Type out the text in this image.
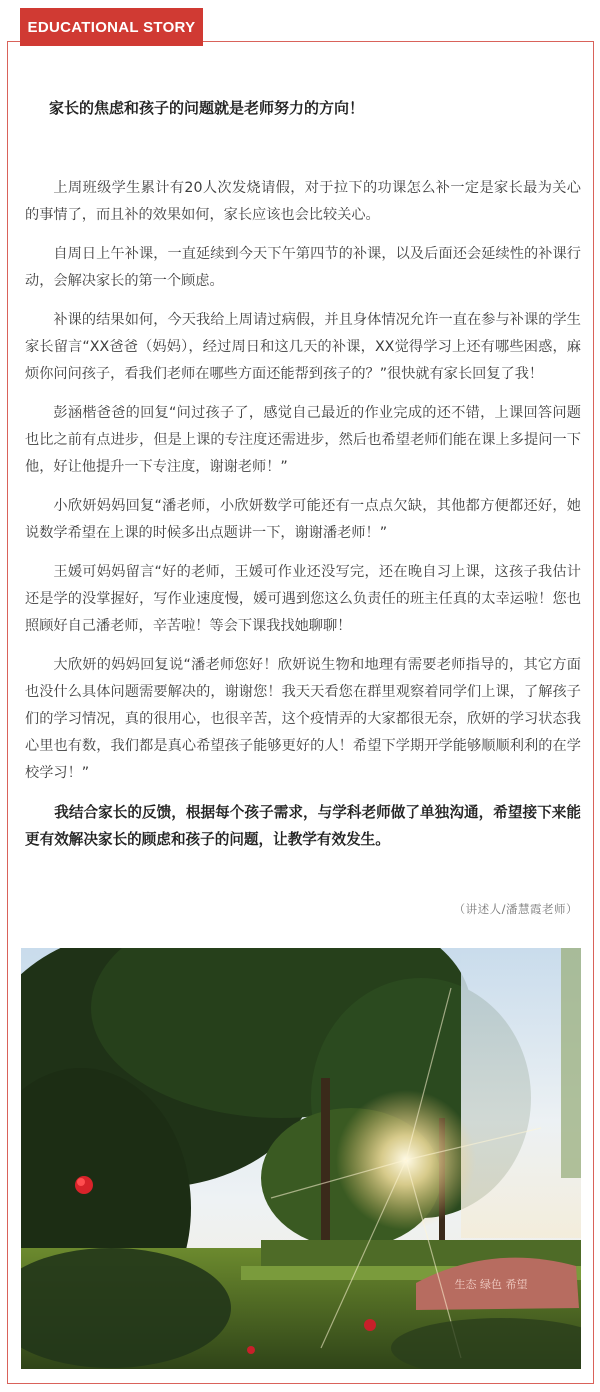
EDUCATIONAL STORY
家长的焦虑和孩子的问题就是老师努力的方向！

上周班级学生累计有20人次发烧请假，对于拉下的功课怎么补一定是家长最为关心的事情了，而且补的效果如何，家长应该也会比较关心。

自周日上午补课，一直延续到今天下午第四节的补课，以及后面还会延续性的补课行动，会解决家长的第一个顾虑。

补课的结果如何，今天我给上周请过病假，并且身体情况允许一直在参与补课的学生家长留言“XX爸爸（妈妈），经过周日和这几天的补课，XX觉得学习上还有哪些困惑，麻烦你问问孩子，看我们老师在哪些方面还能帮到孩子的？”很快就有家长回复了我！

彭涵楷爸爸的回复“问过孩子了，感觉自己最近的作业完成的还不错，上课回答问题也比之前有点进步，但是上课的专注度还需进步，然后也希望老师们能在课上多提问一下他，好让他提升一下专注度，谢谢老师！”

小欣妍妈妈回复“潘老师，小欣妍数学可能还有一点点欠缺，其他都方便都还好，她说数学希望在上课的时候多出点题讲一下，谢谢潘老师！”

王媛可妈妈留言“好的老师，王媛可作业还没写完，还在晚自习上课，这孩子我估计还是学的没掌握好，写作业速度慢，媛可遇到您这么负责任的班主任真的太幸运啦！您也照顾好自己潘老师，辛苦啦！等会下课我找她聊聊！

大欣妍的妈妈回复说“潘老师您好！欣妍说生物和地理有需要老师指导的，其它方面也没什么具体问题需要解决的，谢谢您！我天天看您在群里观察着同学们上课，了解孩子们的学习情况，真的很用心，也很辛苦，这个疫情弄的大家都很无奈，欣妍的学习状态我心里也有数，我们都是真心希望孩子能够更好的人！希望下学期开学能够顺顺利利的在学校学习！”

我结合家长的反馈，根据每个孩子需求，与学科老师做了单独沟通，希望接下来能更有效解决家长的顾虑和孩子的问题，让教学有效发生。

（讲述人/潘慧霞老师）
生态 绿色 希望
